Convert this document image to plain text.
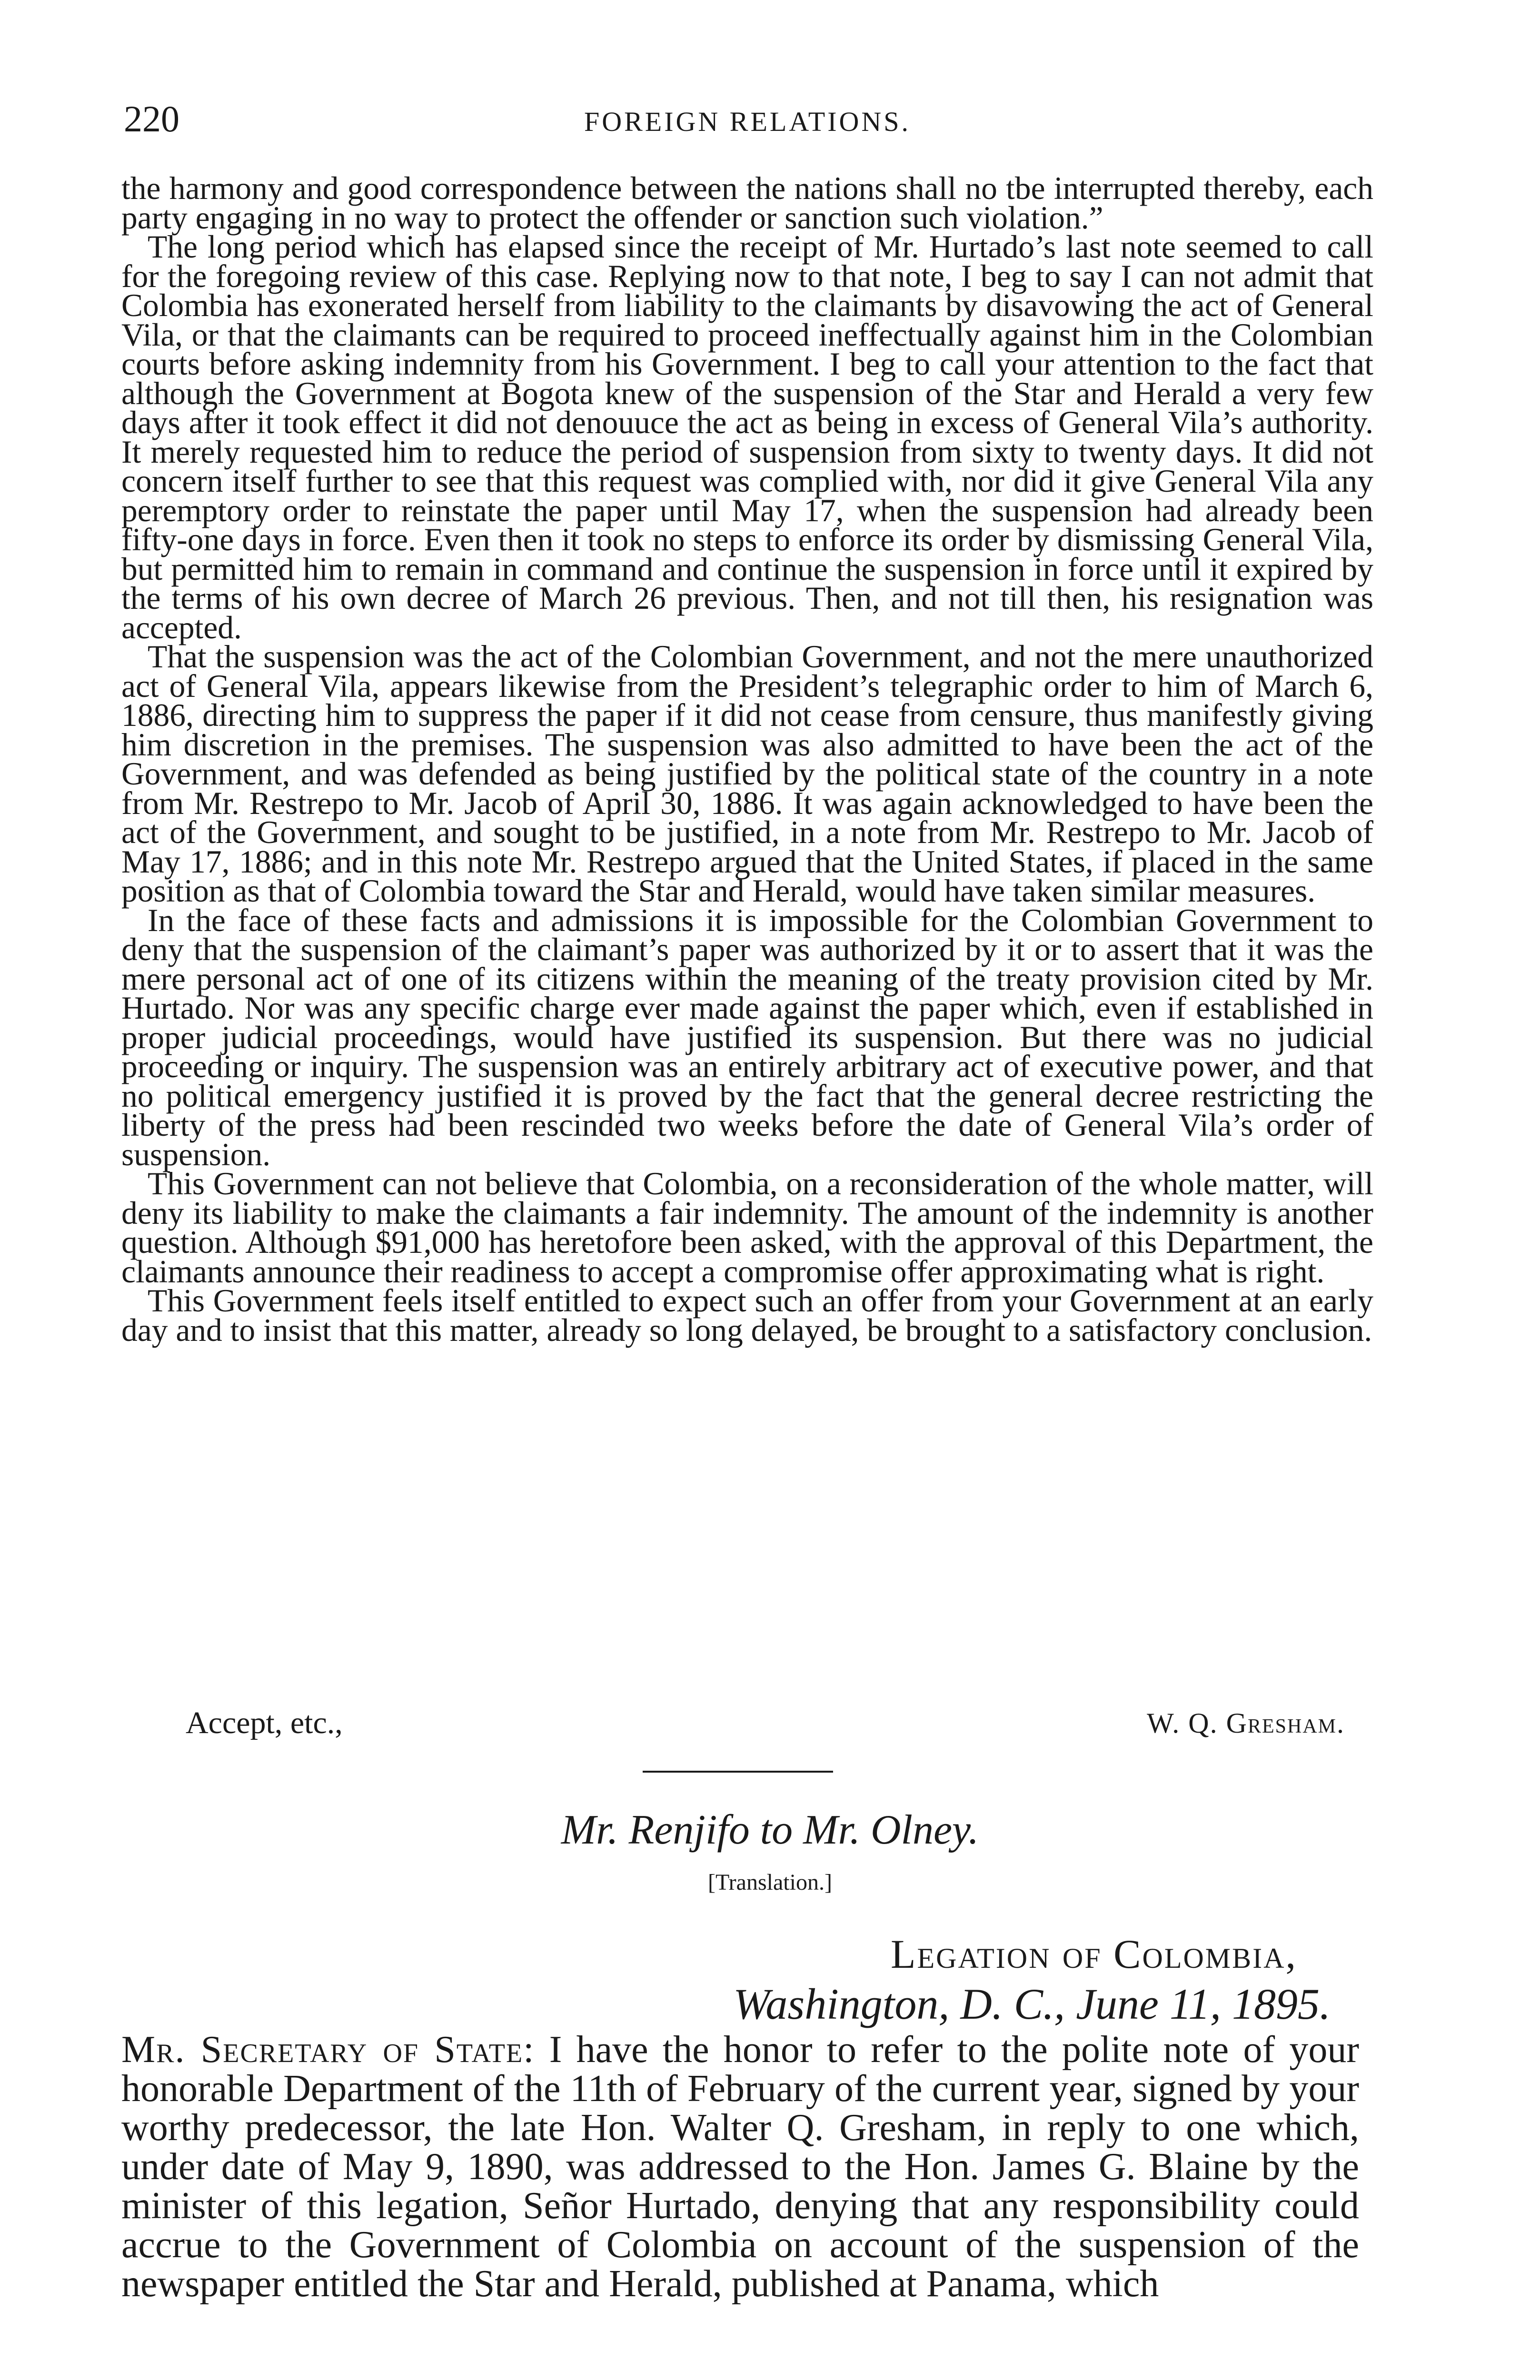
220	FOREIGN RELATIONS.

the harmony and good correspondence between the nations shall no tbe interrupted thereby, each party engaging in no way to protect the offender or sanction such violation.”

The long period which has elapsed since the receipt of Mr. Hurtado’s last note seemed to call for the foregoing review of this case. Replying now to that note, I beg to say I can not admit that Colombia has exonerated herself from liability to the claimants by disavowing the act of General Vila, or that the claimants can be required to proceed ineffectually against him in the Colombian courts before asking indemnity from his Government. I beg to call your attention to the fact that although the Government at Bogota knew of the suspension of the Star and Herald a very few days after it took effect it did not denouuce the act as being in excess of General Vila’s authority. It merely requested him to reduce the period of suspension from sixty to twenty days. It did not concern itself further to see that this request was complied with, nor did it give General Vila any peremptory order to reinstate the paper until May 17, when the suspension had already been fifty-one days in force. Even then it took no steps to enforce its order by dismissing General Vila, but permitted him to remain in command and continue the suspension in force until it expired by the terms of his own decree of March 26 previous. Then, and not till then, his resignation was accepted.

That the suspension was the act of the Colombian Government, and not the mere unauthorized act of General Vila, appears likewise from the President’s telegraphic order to him of March 6, 1886, directing him to suppress the paper if it did not cease from censure, thus manifestly giving him discretion in the premises. The suspension was also admitted to have been the act of the Government, and was defended as being justified by the political state of the country in a note from Mr. Restrepo to Mr. Jacob of April 30, 1886. It was again acknowledged to have been the act of the Government, and sought to be justified, in a note from Mr. Restrepo to Mr. Jacob of May 17, 1886; and in this note Mr. Restrepo argued that the United States, if placed in the same position as that of Colombia toward the Star and Herald, would have taken similar measures.

In the face of these facts and admissions it is impossible for the Colombian Government to deny that the suspension of the claimant’s paper was authorized by it or to assert that it was the mere personal act of one of its citizens within the meaning of the treaty provision cited by Mr. Hurtado. Nor was any specific charge ever made against the paper which, even if established in proper judicial proceedings, would have justified its suspension. But there was no judicial proceeding or inquiry. The suspension was an entirely arbitrary act of executive power, and that no political emergency justified it is proved by the fact that the general decree restricting the liberty of the press had been rescinded two weeks before the date of General Vila’s order of suspension.

This Government can not believe that Colombia, on a reconsideration of the whole matter, will deny its liability to make the claimants a fair indemnity. The amount of the indemnity is another question. Although $91,000 has heretofore been asked, with the approval of this Department, the claimants announce their readiness to accept a compromise offer approximating what is right.

This Government feels itself entitled to expect such an offer from your Government at an early day and to insist that this matter, already so long delayed, be brought to a satisfactory conclusion.

Accept, etc.,	W. Q. Gresham.
Mr. Renjifo to Mr. Olney.
[Translation.]
Legation of Colombia,
Washington, D. C., June 11, 1895.

Mr. Secretary of State: I have the honor to refer to the polite note of your honorable Department of the 11th of February of the current year, signed by your worthy predecessor, the late Hon. Walter Q. Gresham, in reply to one which, under date of May 9, 1890, was addressed to the Hon. James G. Blaine by the minister of this legation, Señor Hurtado, denying that any responsibility could accrue to the Government of Colombia on account of the suspension of the newspaper entitled the Star and Herald, published at Panama, which
